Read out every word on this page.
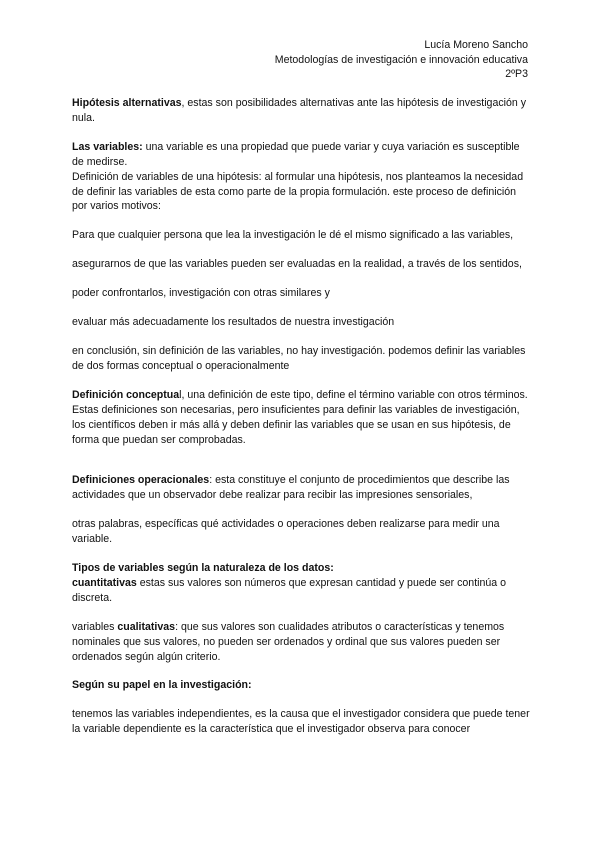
Lucía Moreno Sancho
Metodologías de investigación e innovación educativa
2ºP3

Hipótesis alternativas, estas son posibilidades alternativas ante las hipótesis de investigación y nula.

Las variables: una variable es una propiedad que puede variar y cuya variación es susceptible de medirse.

Definición de variables de una hipótesis: al formular una hipótesis, nos planteamos la necesidad de definir las variables de esta como parte de la propia formulación. este proceso de definición por varios motivos:

Para que cualquier persona que lea la investigación le dé el mismo significado a las variables,

asegurarnos de que las variables pueden ser evaluadas en la realidad, a través de los sentidos,

poder confrontarlos, investigación con otras similares y

evaluar más adecuadamente los resultados de nuestra investigación

en conclusión, sin definición de las variables, no hay investigación. podemos definir las variables de dos formas conceptual o operacionalmente

Definición conceptual, una definición de este tipo, define el término variable con otros términos. Estas definiciones son necesarias, pero insuficientes para definir las variables de investigación, los científicos deben ir más allá y deben definir las variables que se usan en sus hipótesis, de forma que puedan ser comprobadas.

Definiciones operacionales: esta constituye el conjunto de procedimientos que describe las actividades que un observador debe realizar para recibir las impresiones sensoriales,

otras palabras, específicas qué actividades o operaciones deben realizarse para medir una variable.

Tipos de variables según la naturaleza de los datos:

cuantitativas estas sus valores son números que expresan cantidad y puede ser continúa o discreta.

variables cualitativas: que sus valores son cualidades atributos o características y tenemos nominales que sus valores, no pueden ser ordenados y ordinal que sus valores pueden ser ordenados según algún criterio.

Según su papel en la investigación:

tenemos las variables independientes, es la causa que el investigador considera que puede tener la variable dependiente es la característica que el investigador observa para conocer
